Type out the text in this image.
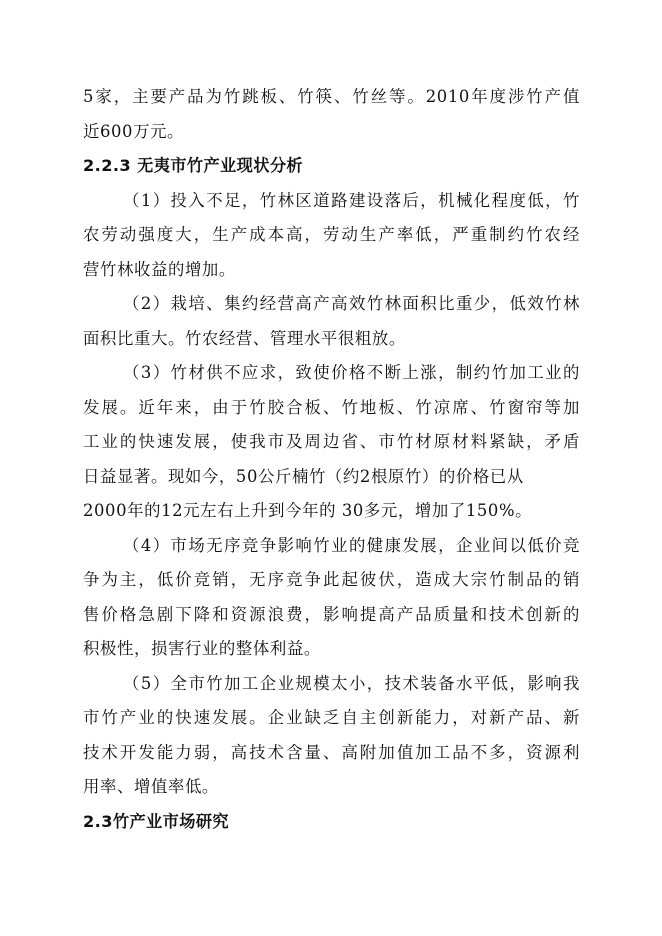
5家，主要产品为竹跳板、竹筷、竹丝等。2010年度涉竹产值
近600万元。
2.2.3 无夷市竹产业现状分析
（1）投入不足，竹林区道路建设落后，机械化程度低，竹
农劳动强度大，生产成本高，劳动生产率低，严重制约竹农经
营竹林收益的增加。
（2）栽培、集约经营高产高效竹林面积比重少，低效竹林
面积比重大。竹农经营、管理水平很粗放。
（3）竹材供不应求，致使价格不断上涨，制约竹加工业的
发展。近年来，由于竹胶合板、竹地板、竹凉席、竹窗帘等加
工业的快速发展，使我市及周边省、市竹材原材料紧缺，矛盾
日益显著。现如今，50公斤楠竹（约2根原竹）的价格已从
2000年的12元左右上升到今年的 30多元，增加了150%。
（4）市场无序竞争影响竹业的健康发展，企业间以低价竞
争为主，低价竞销，无序竞争此起彼伏，造成大宗竹制品的销
售价格急剧下降和资源浪费，影响提高产品质量和技术创新的
积极性，损害行业的整体利益。
（5）全市竹加工企业规模太小，技术装备水平低，影响我
市竹产业的快速发展。企业缺乏自主创新能力，对新产品、新
技术开发能力弱，高技术含量、高附加值加工品不多，资源利
用率、增值率低。
2.3竹产业市场研究
